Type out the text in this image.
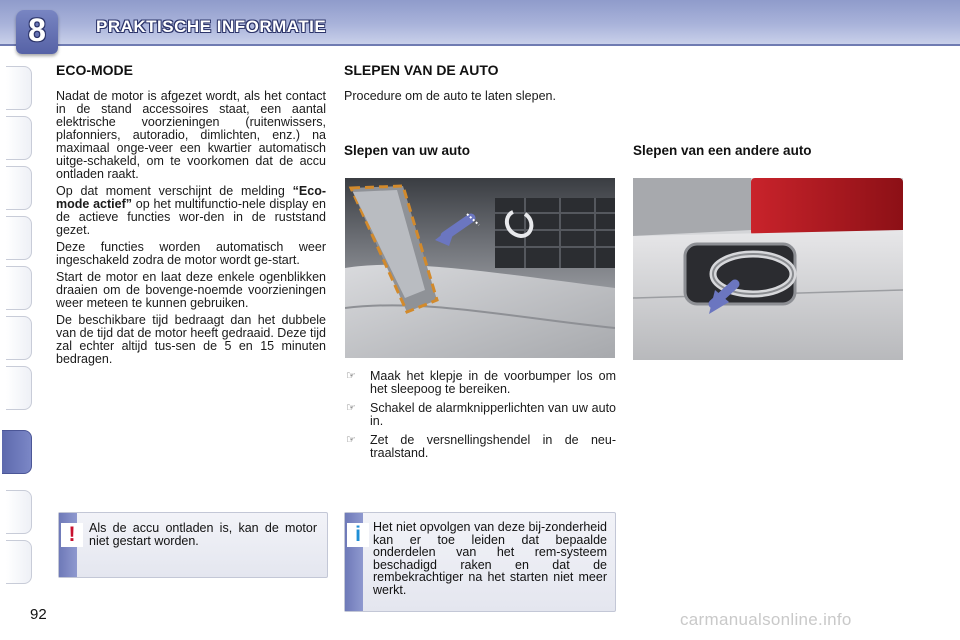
8	PRAKTISCHE INFORMATIE
ECO-MODE

Nadat de motor is afgezet wordt, als het contact in de stand accessoires staat, een aantal elektrische voorzieningen (ruitenwissers, plafonniers, autoradio, dimlichten, enz.) na maximaal onge-veer een kwartier automatisch uitge-schakeld, om te voorkomen dat de accu ontladen raakt.

Op dat moment verschijnt de melding “Eco-mode actief” op het multifunctio-nele display en de actieve functies wor-den in de ruststand gezet.

Deze functies worden automatisch weer ingeschakeld zodra de motor wordt ge-start.

Start de motor en laat deze enkele ogenblikken draaien om de bovenge-noemde voorzieningen weer meteen te kunnen gebruiken.

De beschikbare tijd bedraagt dan het dubbele van de tijd dat de motor heeft gedraaid. Deze tijd zal echter altijd tus-sen de 5 en 15 minuten bedragen.

SLEPEN VAN DE AUTO

Procedure om de auto te laten slepen.

Slepen van uw auto	Slepen van een andere auto
☞	Maak het klepje in de voorbumper los om het sleepoog te bereiken.
☞	Schakel de alarmknipperlichten van uw auto in.
☞	Zet de versnellingshendel in de neu-traalstand.
!	Als de accu ontladen is, kan de motor niet gestart worden.	i Het niet opvolgen van deze bij-zonderheid kan er toe leiden dat bepaalde onderdelen van het rem-systeem beschadigd raken en dat de rembekrachtiger na het starten niet meer werkt.
92	carmanualsonline.info
